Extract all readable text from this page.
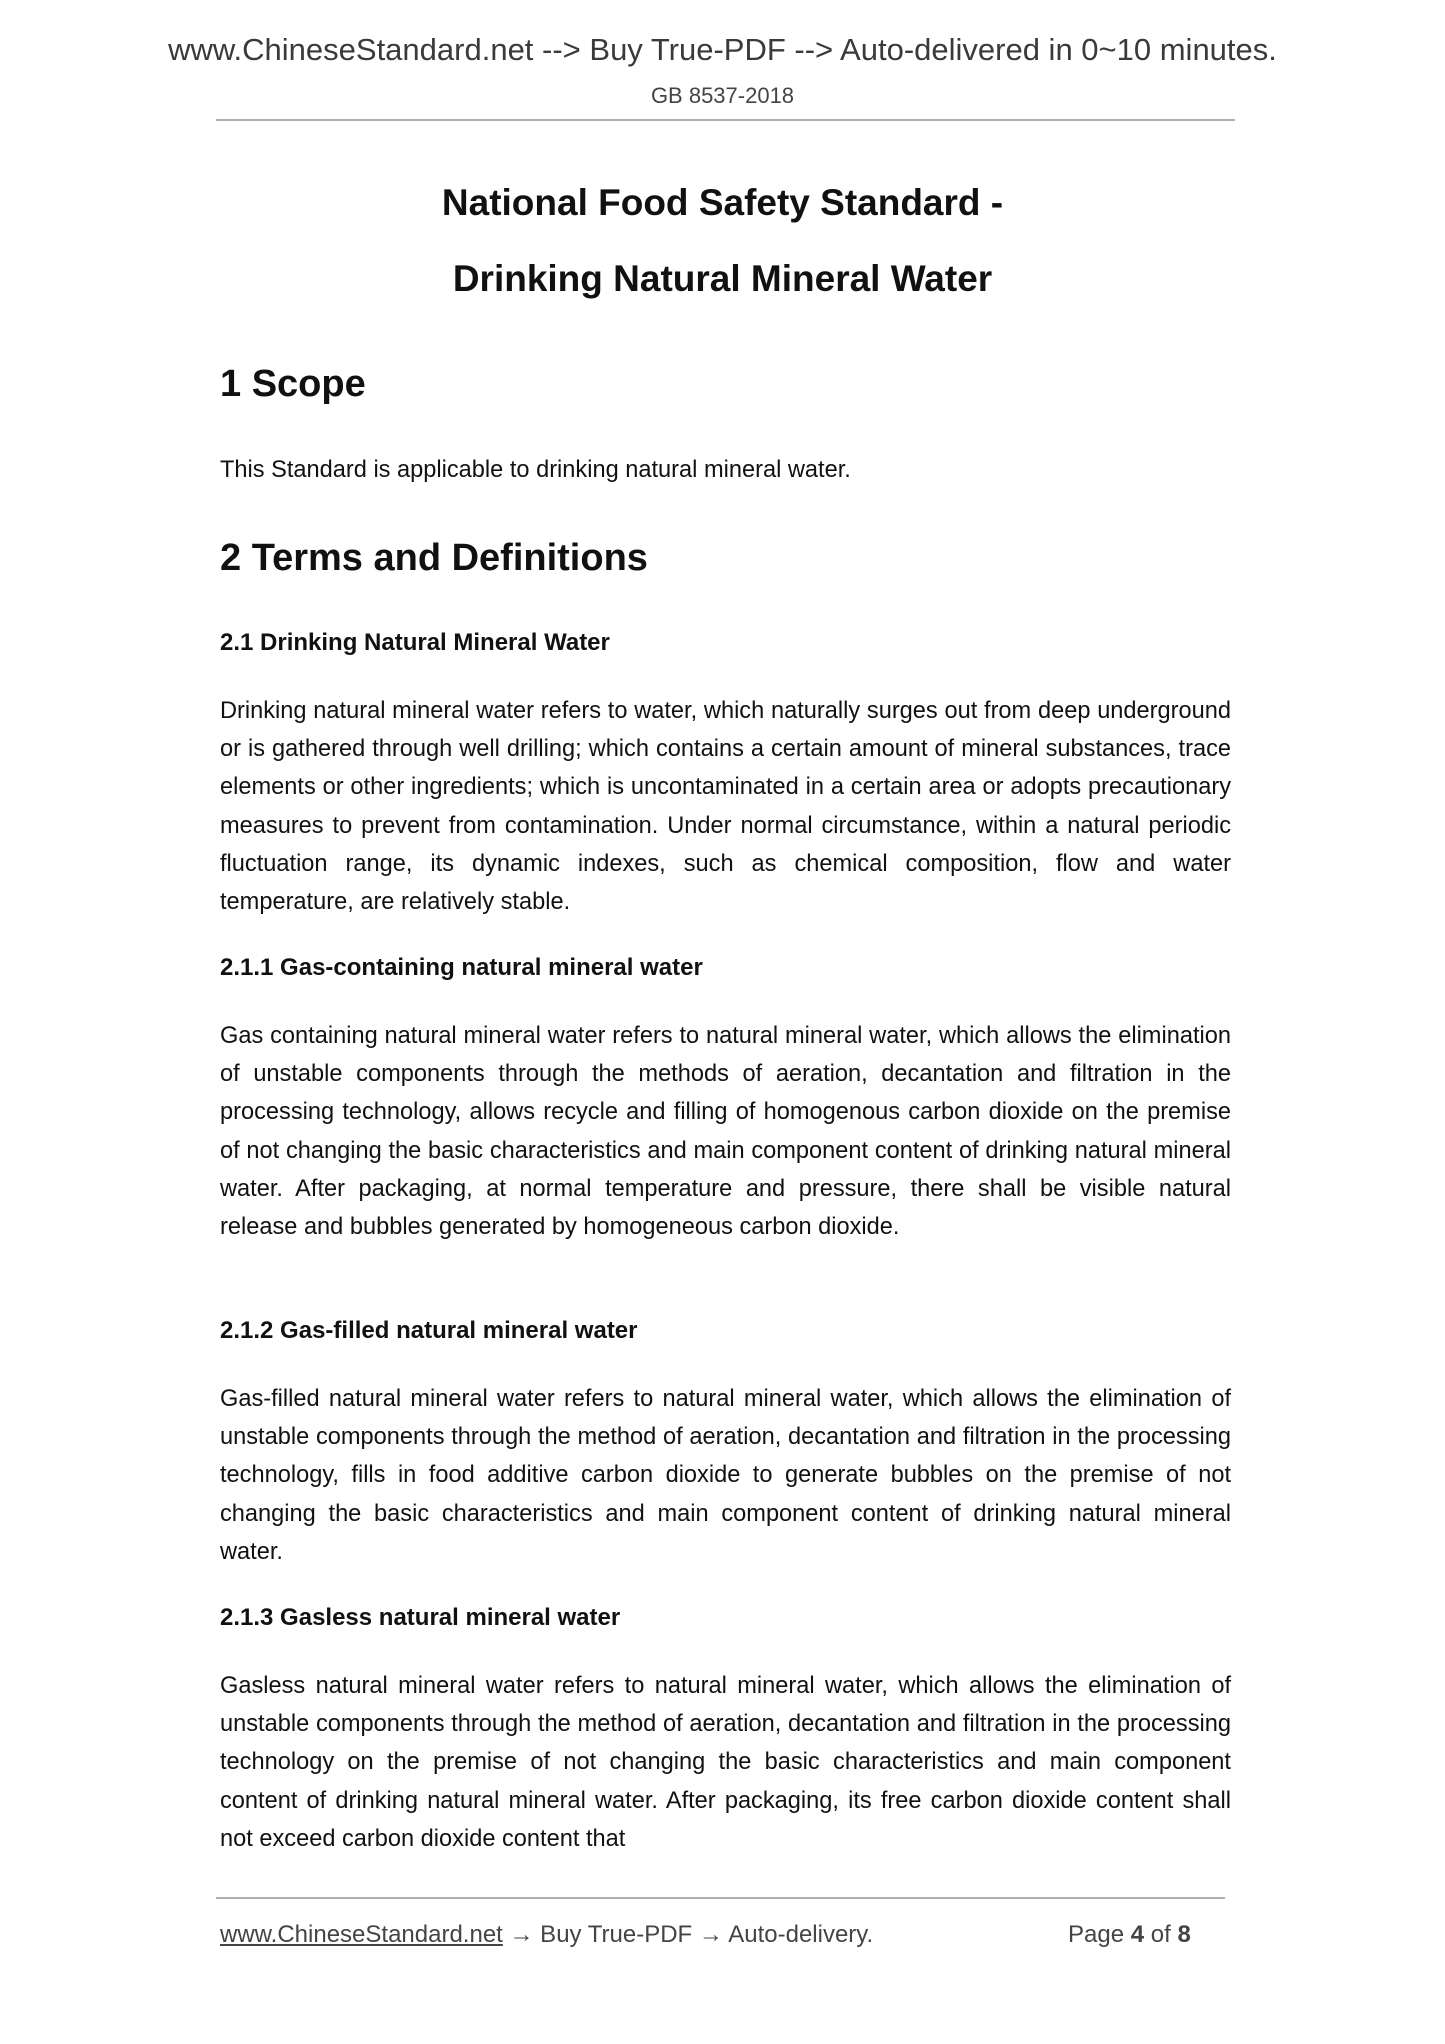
www.ChineseStandard.net --> Buy True-PDF --> Auto-delivered in 0~10 minutes.
GB 8537-2018
National Food Safety Standard -
Drinking Natural Mineral Water
1 Scope
This Standard is applicable to drinking natural mineral water.
2 Terms and Definitions
2.1 Drinking Natural Mineral Water
Drinking natural mineral water refers to water, which naturally surges out from deep underground or is gathered through well drilling; which contains a certain amount of mineral substances, trace elements or other ingredients; which is uncontaminated in a certain area or adopts precautionary measures to prevent from contamination. Under normal circumstance, within a natural periodic fluctuation range, its dynamic indexes, such as chemical composition, flow and water temperature, are relatively stable.
2.1.1 Gas-containing natural mineral water
Gas containing natural mineral water refers to natural mineral water, which allows the elimination of unstable components through the methods of aeration, decantation and filtration in the processing technology, allows recycle and filling of homogenous carbon dioxide on the premise of not changing the basic characteristics and main component content of drinking natural mineral water. After packaging, at normal temperature and pressure, there shall be visible natural release and bubbles generated by homogeneous carbon dioxide.
2.1.2 Gas-filled natural mineral water
Gas-filled natural mineral water refers to natural mineral water, which allows the elimination of unstable components through the method of aeration, decantation and filtration in the processing technology, fills in food additive carbon dioxide to generate bubbles on the premise of not changing the basic characteristics and main component content of drinking natural mineral water.
2.1.3 Gasless natural mineral water
Gasless natural mineral water refers to natural mineral water, which allows the elimination of unstable components through the method of aeration, decantation and filtration in the processing technology on the premise of not changing the basic characteristics and main component content of drinking natural mineral water. After packaging, its free carbon dioxide content shall not exceed carbon dioxide content that
www.ChineseStandard.net → Buy True-PDF → Auto-delivery.	Page 4 of 8
